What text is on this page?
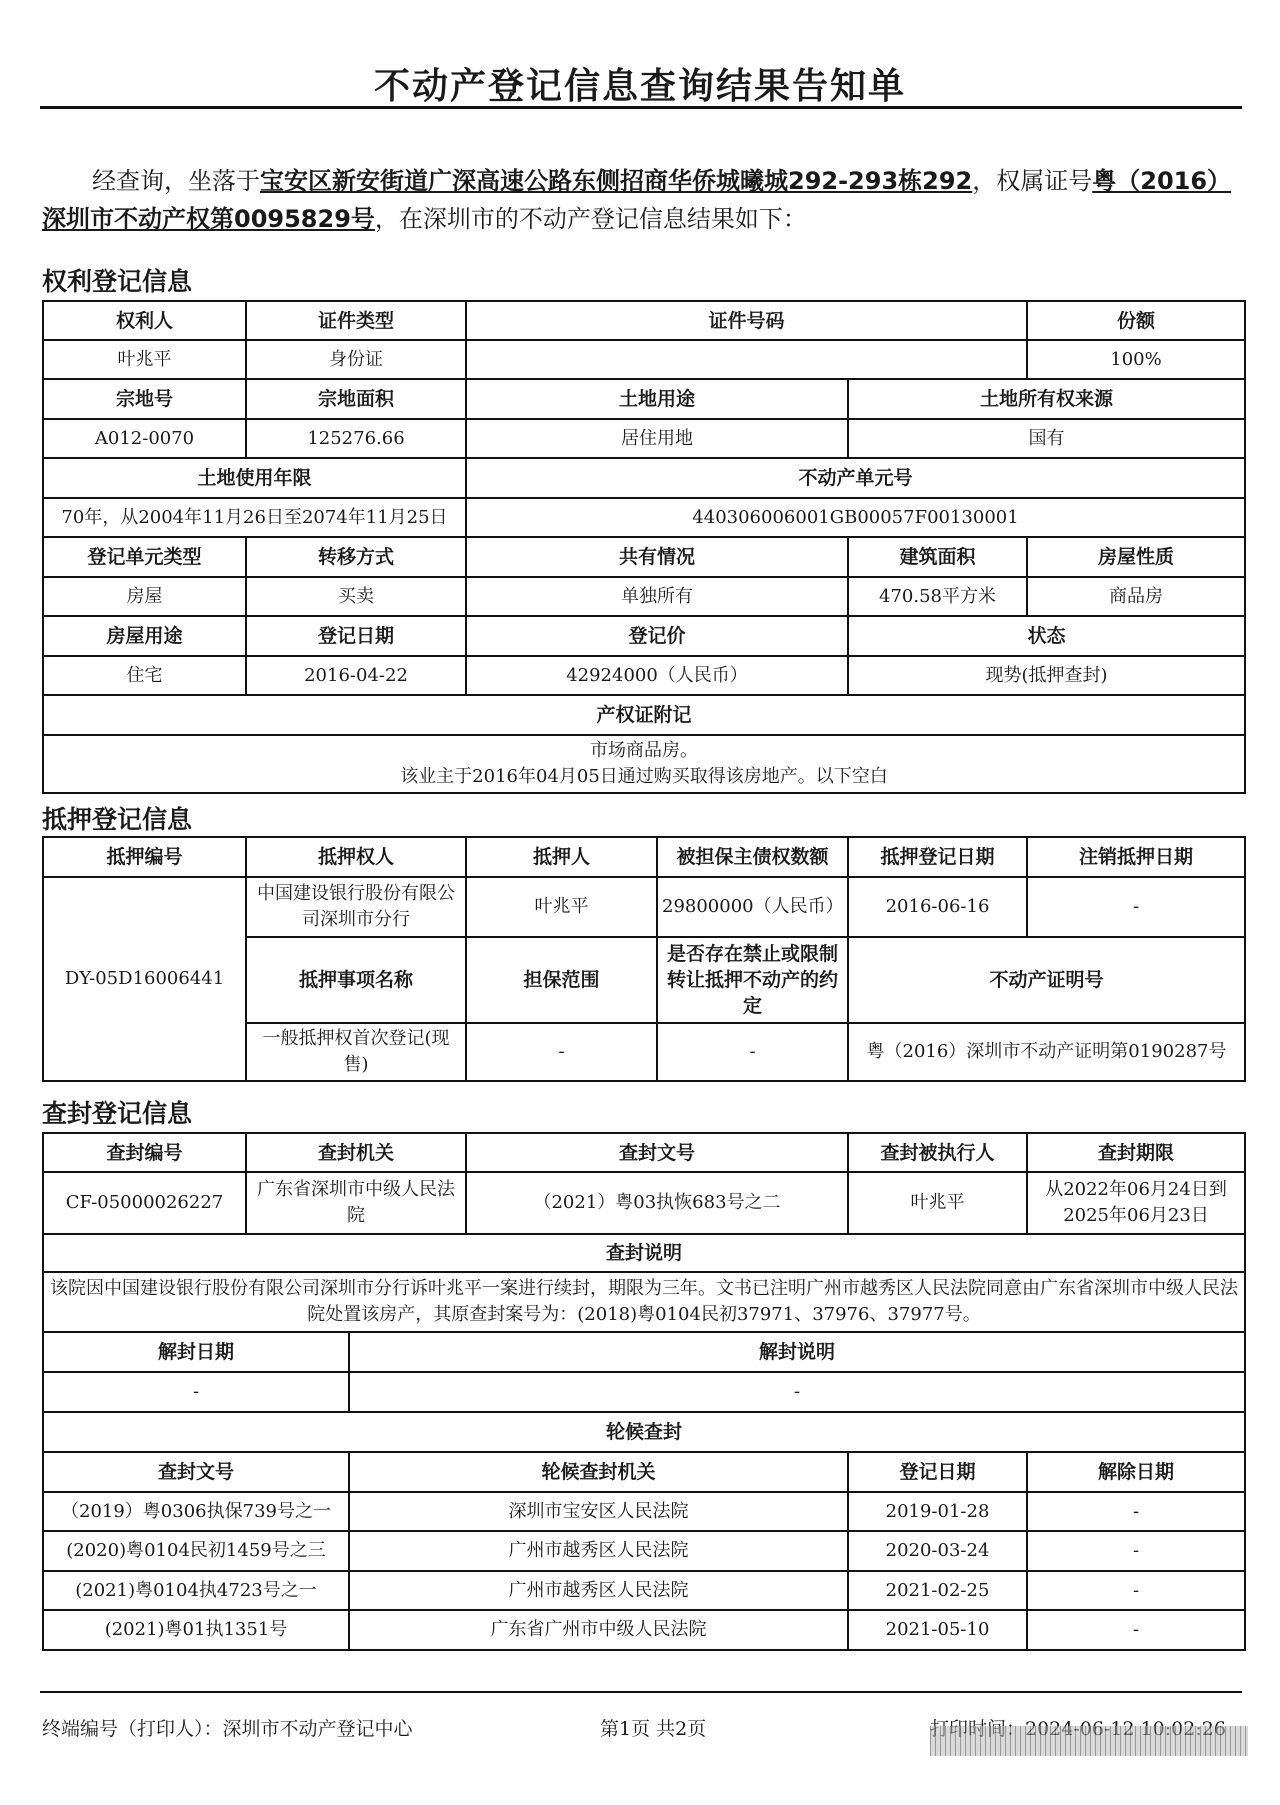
不动产登记信息查询结果告知单
经查询，坐落于宝安区新安街道广深高速公路东侧招商华侨城曦城292-293栋292，权属证号粤（2016）深圳市不动产权第0095829号，在深圳市的不动产登记信息结果如下：
权利登记信息
权利人	证件类型	证件号码		份额
叶兆平	身份证			100%
宗地号	宗地面积	土地用途	土地所有权来源	
A012-0070	125276.66	居住用地	国有	
土地使用年限		不动产单元号		
70年，从2004年11月26日至2074年11月25日		440306006001GB00057F00130001		
登记单元类型	转移方式	共有情况	建筑面积	房屋性质
房屋	买卖	单独所有	470.58平方米	商品房
房屋用途	登记日期	登记价	状态	
住宅	2016-04-22	42924000（人民币）	现势(抵押查封)	
产权证附记				

市场商品房。
该业主于2016年04月05日通过购买取得该房地产。以下空白				
抵押登记信息
抵押编号	抵押权人	抵押人	被担保主债权数额	抵押登记日期	注销抵押日期
DY-05D16006441	中国建设银行股份有限公司深圳市分行	叶兆平	29800000（人民币）	2016-06-16	-
	抵押事项名称	担保范围	是否存在禁止或限制转让抵押不动产的约定	不动产证明号	
	一般抵押权首次登记(现售)	-	-	粤（2016）深圳市不动产证明第0190287号	
查封登记信息
查封编号	查封机关		查封文号	查封被执行人	查封期限
CF-05000026227	广东省深圳市中级人民法院		（2021）粤03执恢683号之二	叶兆平	从2022年06月24日到2025年06月23日
查封说明					
该院因中国建设银行股份有限公司深圳市分行诉叶兆平一案进行续封，期限为三年。文书已注明广州市越秀区人民法院同意由广东省深圳市中级人民法院处置该房产，其原查封案号为：(2018)粤0104民初37971、37976、37977号。					
解封日期		解封说明			
-		-			
轮候查封					
查封文号		轮候查封机关		登记日期	解除日期
（2019）粤0306执保739号之一		深圳市宝安区人民法院		2019-01-28	-
(2020)粤0104民初1459号之三		广州市越秀区人民法院		2020-03-24	-
(2021)粤0104执4723号之一		广州市越秀区人民法院		2021-02-25	-
(2021)粤01执1351号		广东省广州市中级人民法院		2021-05-10	-
终端编号（打印人）：深圳市不动产登记中心	第1页 共2页
